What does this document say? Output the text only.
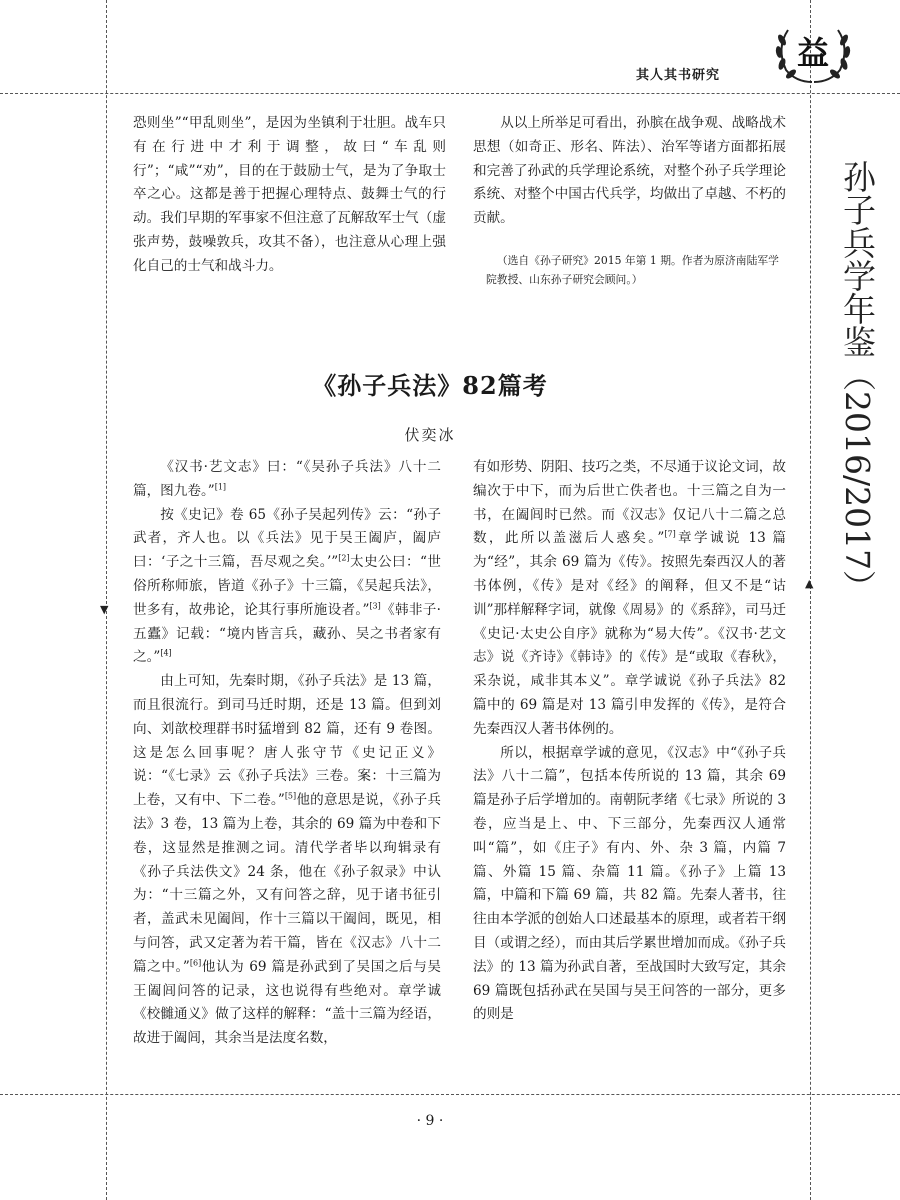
▼
▲
其人其书研究
益
孙子兵学年鉴（2016/2017）

恐则坐”“甲乱则坐”，是因为坐镇利于壮胆。战车只有在行进中才利于调整，故曰“车乱则行”；“咸”“劝”，目的在于鼓励士气，是为了争取士卒之心。这都是善于把握心理特点、鼓舞士气的行动。我们早期的军事家不但注意了瓦解敌军士气（虚张声势，鼓噪敦兵，攻其不备），也注意从心理上强化自己的士气和战斗力。

从以上所举足可看出，孙膑在战争观、战略战术思想（如奇正、形名、阵法）、治军等诸方面都拓展和完善了孙武的兵学理论系统，对整个孙子兵学理论系统、对整个中国古代兵学，均做出了卓越、不朽的贡献。

（选自《孙子研究》2015 年第 1 期。作者为原济南陆军学院教授、山东孙子研究会顾问。）

《孙子兵法》82篇考
伏奕冰

《汉书·艺文志》曰：“《吴孙子兵法》八十二篇，图九卷。”[1]

按《史记》卷 65《孙子吴起列传》云：“孙子武者，齐人也。以《兵法》见于吴王阖庐，阖庐曰：‘子之十三篇，吾尽观之矣。’”[2]太史公曰：“世俗所称师旅，皆道《孙子》十三篇，《吴起兵法》，世多有，故弗论，论其行事所施设者。”[3]《韩非子·五蠹》记载：“境内皆言兵，藏孙、吴之书者家有之。”[4]

由上可知，先秦时期，《孙子兵法》是 13 篇，而且很流行。到司马迁时期，还是 13 篇。但到刘向、刘歆校理群书时猛增到 82 篇，还有 9 卷图。这是怎么回事呢？唐人张守节《史记正义》说：“《七录》云《孙子兵法》三卷。案：十三篇为上卷，又有中、下二卷。”[5]他的意思是说，《孙子兵法》3 卷，13 篇为上卷，其余的 69 篇为中卷和下卷，这显然是推测之词。清代学者毕以珣辑录有《孙子兵法佚文》24 条，他在《孙子叙录》中认为：“十三篇之外，又有问答之辞，见于诸书征引者，盖武未见阖闾，作十三篇以干阖闾，既见，相与问答，武又定著为若干篇，皆在《汉志》八十二篇之中。”[6]他认为 69 篇是孙武到了吴国之后与吴王阖闾问答的记录，这也说得有些绝对。章学诚《校雠通义》做了这样的解释：“盖十三篇为经语，故进于阖闾，其余当是法度名数，

有如形势、阴阳、技巧之类，不尽通于议论文词，故编次于中下，而为后世亡佚者也。十三篇之自为一书，在阖闾时已然。而《汉志》仅记八十二篇之总数，此所以盖滋后人惑矣。”[7]章学诚说 13 篇为“经”，其余 69 篇为《传》。按照先秦西汉人的著书体例，《传》是对《经》的阐释，但又不是“诂训”那样解释字词，就像《周易》的《系辞》，司马迁《史记·太史公自序》就称为“易大传”。《汉书·艺文志》说《齐诗》《韩诗》的《传》是“或取《春秋》，采杂说，咸非其本义”。章学诚说《孙子兵法》82 篇中的 69 篇是对 13 篇引申发挥的《传》，是符合先秦西汉人著书体例的。

所以，根据章学诚的意见，《汉志》中“《孙子兵法》八十二篇”，包括本传所说的 13 篇，其余 69 篇是孙子后学增加的。南朝阮孝绪《七录》所说的 3 卷，应当是上、中、下三部分，先秦西汉人通常叫“篇”，如《庄子》有内、外、杂 3 篇，内篇 7 篇、外篇 15 篇、杂篇 11 篇。《孙子》上篇 13 篇，中篇和下篇 69 篇，共 82 篇。先秦人著书，往往由本学派的创始人口述最基本的原理，或者若干纲目（或谓之经），而由其后学累世增加而成。《孙子兵法》的 13 篇为孙武自著，至战国时大致写定，其余 69 篇既包括孙武在吴国与吴王问答的一部分，更多的则是

· 9 ·
